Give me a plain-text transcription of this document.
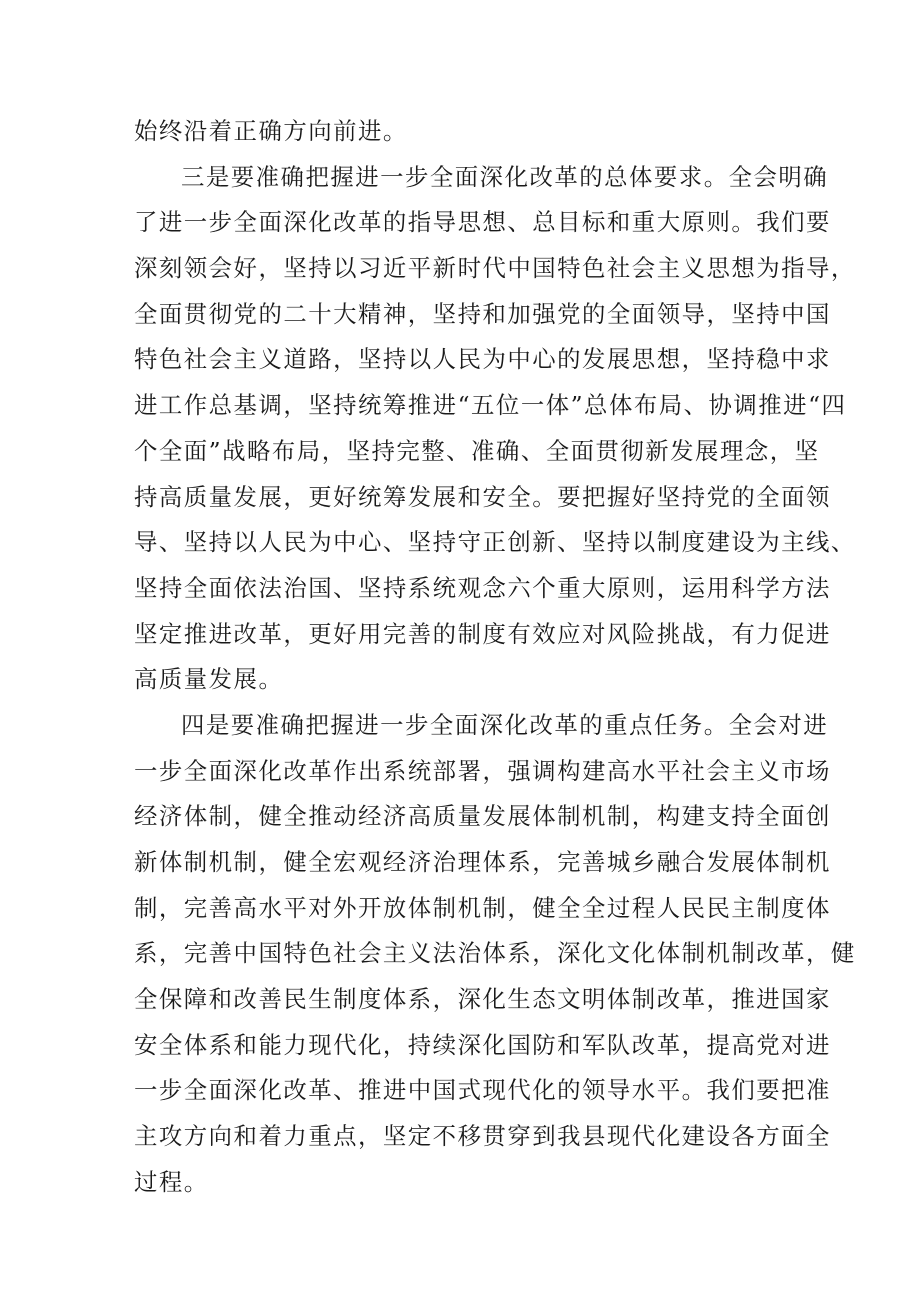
始终沿着正确方向前进。
三是要准确把握进一步全面深化改革的总体要求。全会明确
了进一步全面深化改革的指导思想、总目标和重大原则。我们要
深刻领会好，坚持以习近平新时代中国特色社会主义思想为指导，
全面贯彻党的二十大精神，坚持和加强党的全面领导，坚持中国
特色社会主义道路，坚持以人民为中心的发展思想，坚持稳中求
进工作总基调，坚持统筹推进“五位一体”总体布局、协调推进“四
个全面”战略布局，坚持完整、准确、全面贯彻新发展理念，坚
持高质量发展，更好统筹发展和安全。要把握好坚持党的全面领
导、坚持以人民为中心、坚持守正创新、坚持以制度建设为主线、
坚持全面依法治国、坚持系统观念六个重大原则，运用科学方法
坚定推进改革，更好用完善的制度有效应对风险挑战，有力促进
高质量发展。
四是要准确把握进一步全面深化改革的重点任务。全会对进
一步全面深化改革作出系统部署，强调构建高水平社会主义市场
经济体制，健全推动经济高质量发展体制机制，构建支持全面创
新体制机制，健全宏观经济治理体系，完善城乡融合发展体制机
制，完善高水平对外开放体制机制，健全全过程人民民主制度体
系，完善中国特色社会主义法治体系，深化文化体制机制改革，健
全保障和改善民生制度体系，深化生态文明体制改革，推进国家
安全体系和能力现代化，持续深化国防和军队改革，提高党对进
一步全面深化改革、推进中国式现代化的领导水平。我们要把准
主攻方向和着力重点，坚定不移贯穿到我县现代化建设各方面全
过程。
